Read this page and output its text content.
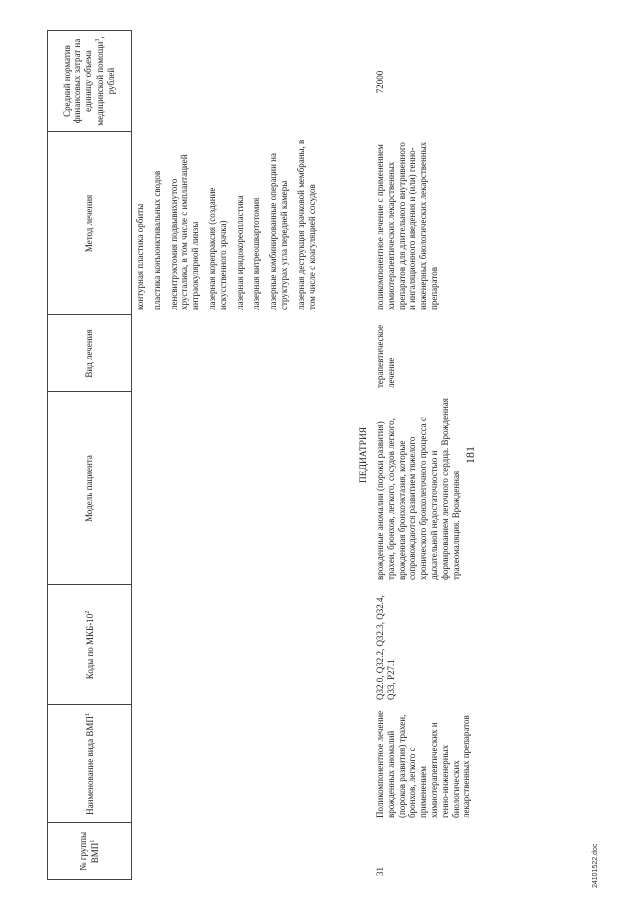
№ группы ВМП$^1$
Наименование вида ВМП$^1$
Коды по МКБ-$10^2$
Модель пациента
Вид лечения
Метод лечения
Средний норматив финансовых затрат на единицу объема медицинской помощи$^3$, рублей
контурная пластика орбиты пластика конъюнктивальных сводов ленсвитрэктомия подвывихнутого хрусталика, в том числе с имплантацией интраокулярной линзы лазерная корепраксия (создание искусственного зрачка) лазерная иридокореопластика лазерная витреошвартотомия лазерные комбинированные операции на структурах угла передней камеры лазерная деструкция зрачковой мембраны, в том числе с коагуляцией сосудов
ПЕДИАТРИЯ
31
Поликомпонентное лечение врожденных аномалий (пороков развития) трахеи, бронхов, легкого с применением химиотерапевтических и генно-инженерных биологических лекарственных препаратов
Q32.0, Q32.2, Q32.3, Q32.4, Q33, P27.1
врожденные аномалии (пороки развития) трахеи, бронхов, легкого, сосудов легкого, врожденная бронхоэктазия, которые сопровождаются развитием тяжелого хронического бронхолегочного процесса с дыхательной недостаточностью и формированием легочного сердца. Врожденная трахеомаляция. Врожденная
терапевтическое лечение
поликомпонентное лечение с применением химиотерапевтических лекарственных препаратов для длительного внутривенного и ингаляционного введения и (или) генно-инженерных биологических лекарственных препаратов
72000
181
24101522.doc
